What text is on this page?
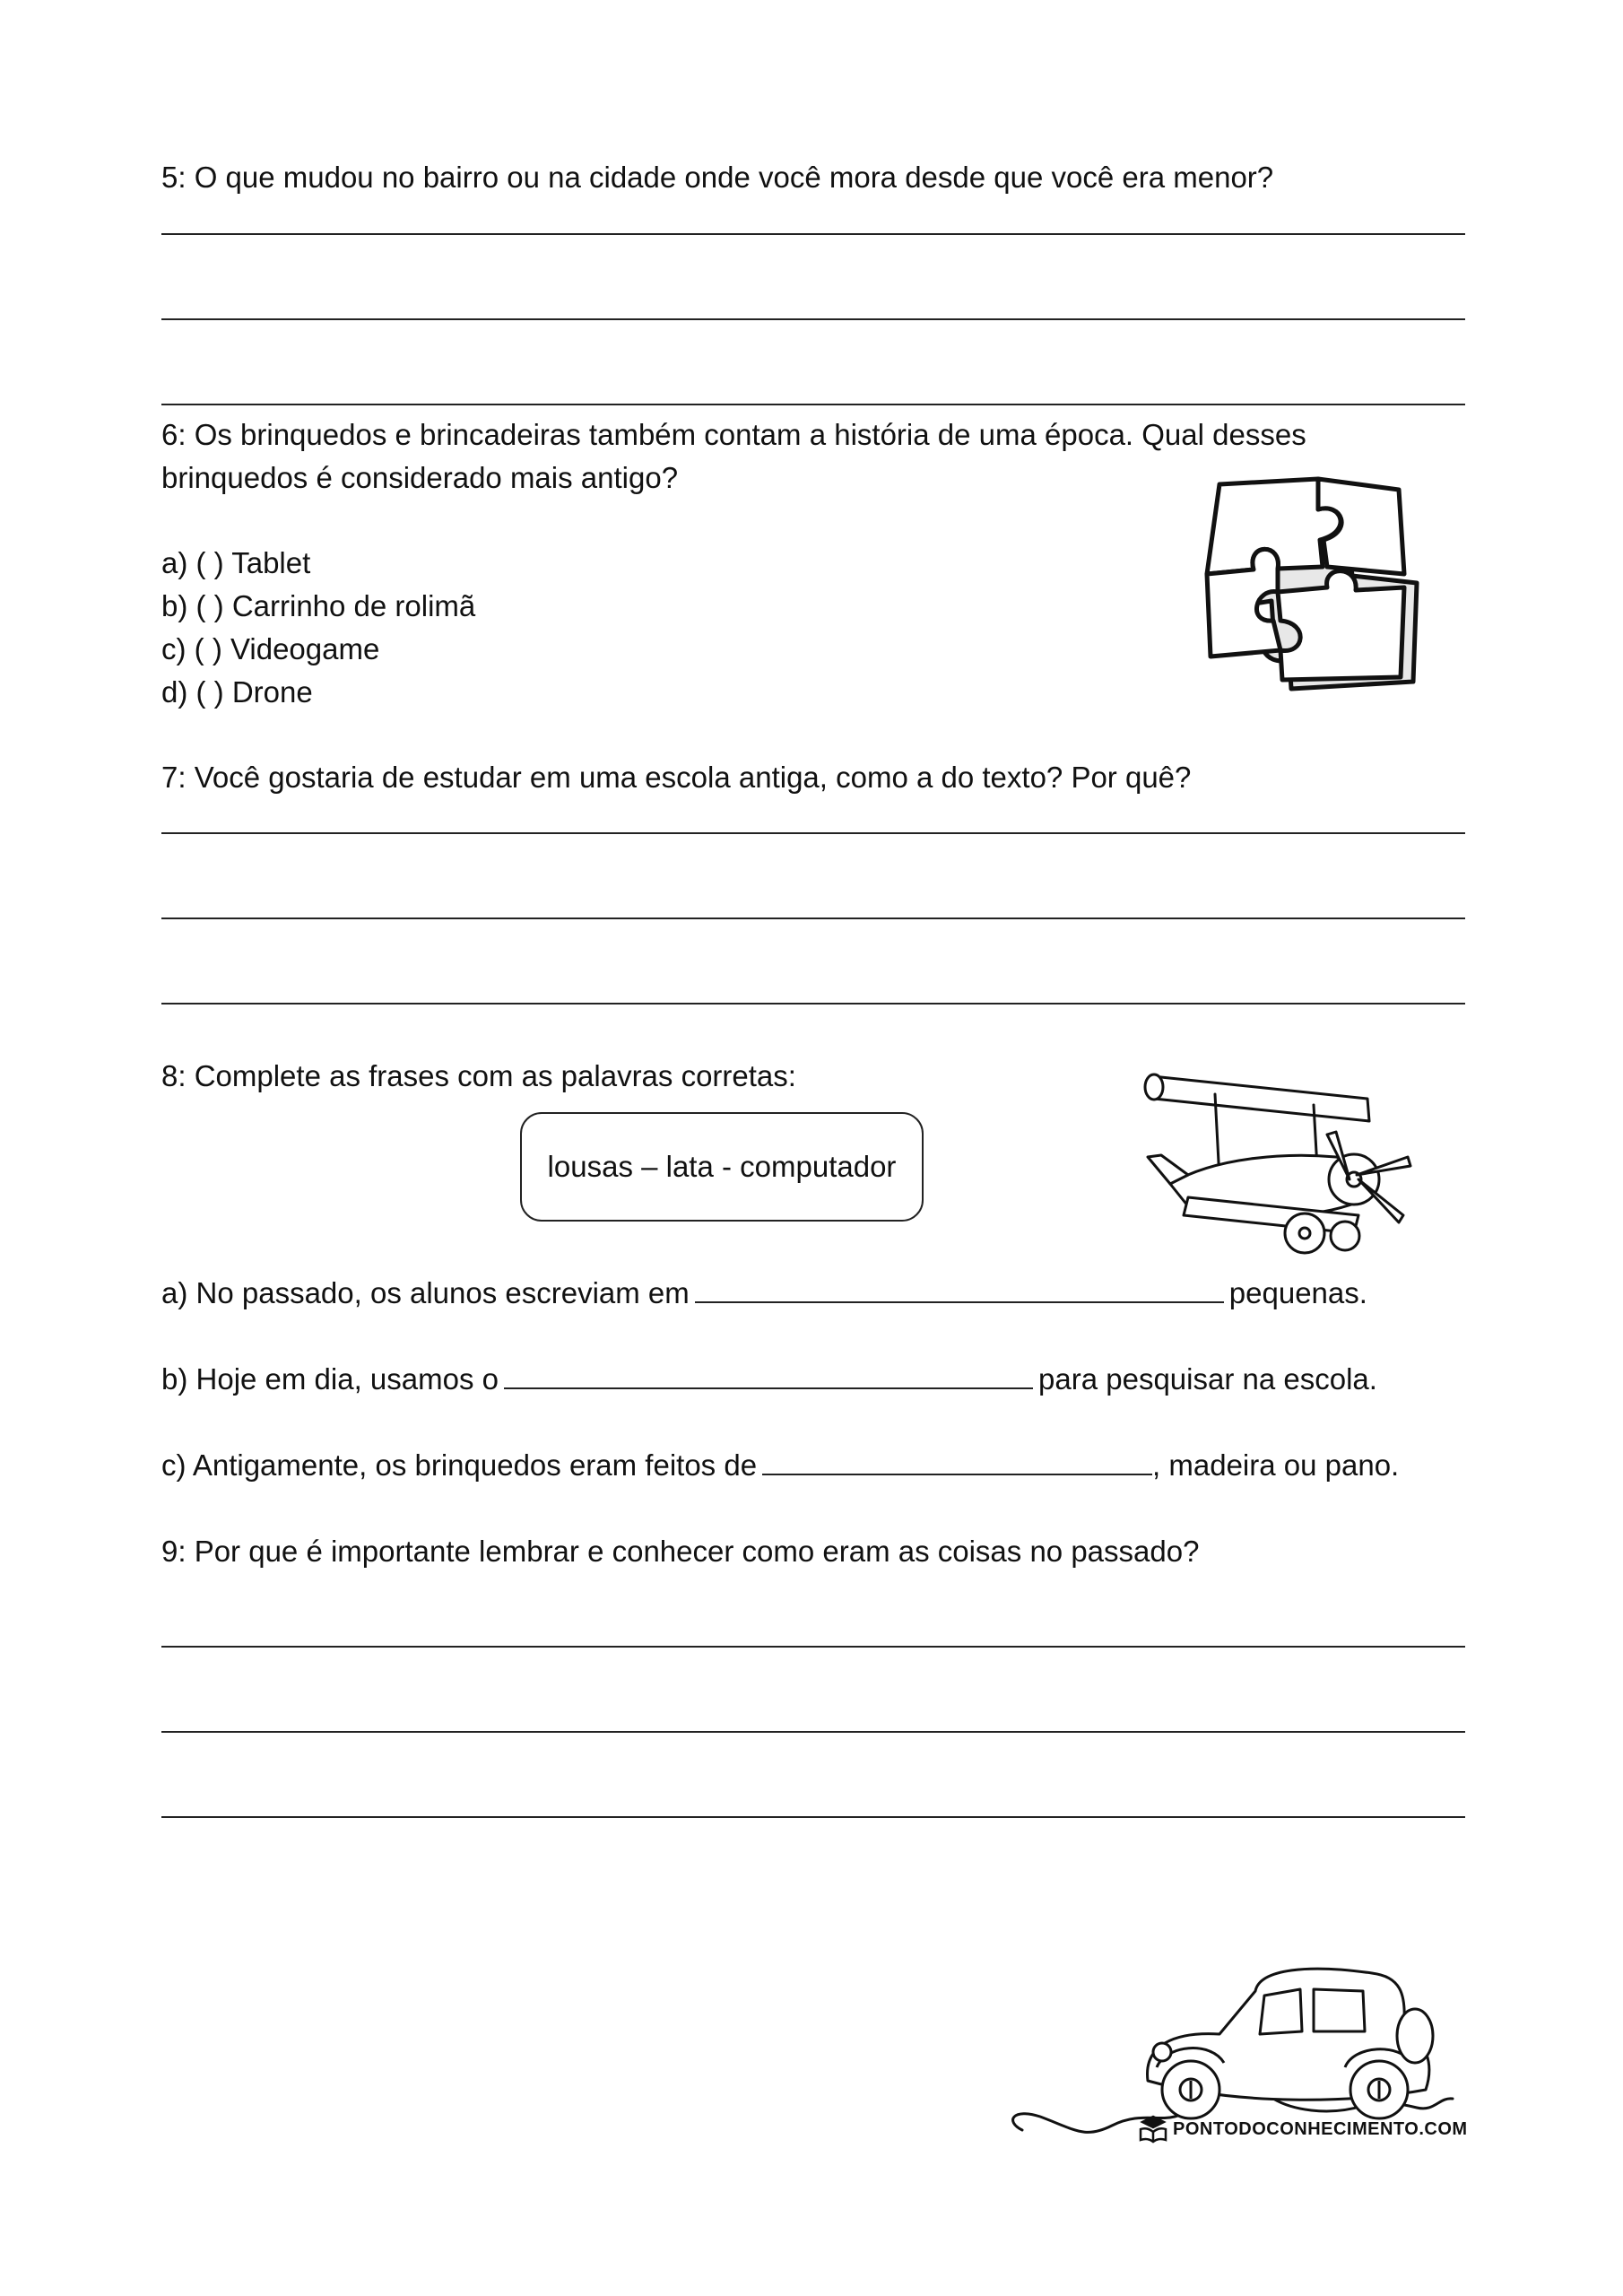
5: O que mudou no bairro ou na cidade onde você mora desde que você era menor?
6: Os brinquedos e brincadeiras também contam a história de uma época. Qual desses
brinquedos é considerado mais antigo?
a) ( ) Tablet
b) ( ) Carrinho de rolimã
c) ( ) Videogame
d) ( ) Drone
7: Você gostaria de estudar em uma escola antiga, como a do texto? Por quê?
8: Complete as frases com as palavras corretas:
lousas – lata - computador
a) No passado, os alunos escreviam em	pequenas.
b) Hoje em dia, usamos o	para pesquisar na escola.
c) Antigamente, os brinquedos eram feitos de	, madeira ou pano.
9: Por que é importante lembrar e conhecer como eram as coisas no passado?
PONTODOCONHECIMENTO.COM
